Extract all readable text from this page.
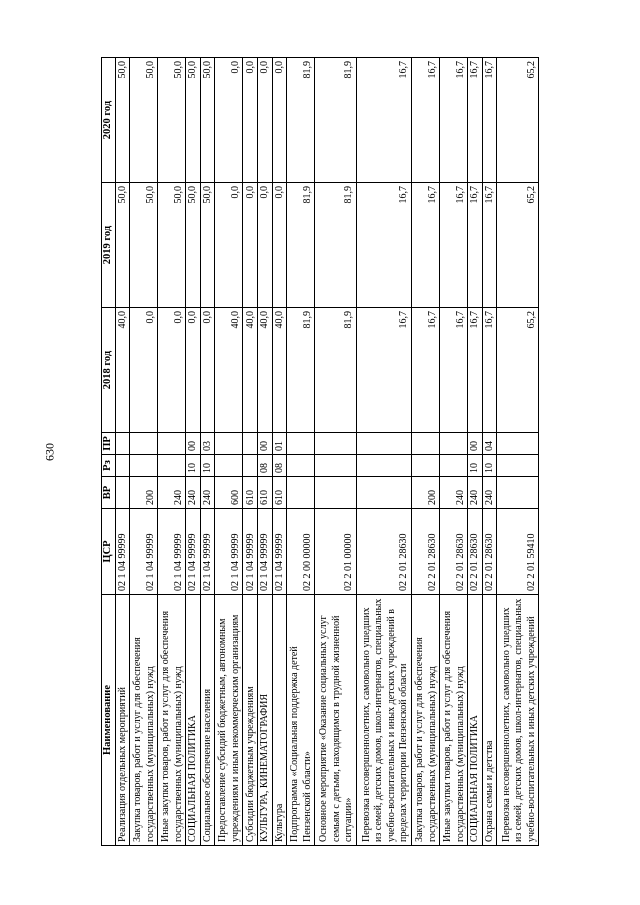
630
Наименование	ЦСР	ВР	Рз	ПР	2018 год	2019 год	2020 год
Реализация отдельных мероприятий	02 1 04 99999				40,0	50,0	50,0
Закупка товаров, работ и услуг для обеспечения государственных (муниципальных) нужд	02 1 04 99999	200			0,0	50,0	50,0
Иные закупки товаров, работ и услуг для обеспечения государственных (муниципальных) нужд	02 1 04 99999	240			0,0	50,0	50,0
СОЦИАЛЬНАЯ ПОЛИТИКА	02 1 04 99999	240	10	00	0,0	50,0	50,0
Социальное обеспечение населения	02 1 04 99999	240	10	03	0,0	50,0	50,0
Предоставление субсидий бюджетным, автономным учреждениям и иным некоммерческим организациям	02 1 04 99999	600			40,0	0,0	0,0
Субсидии бюджетным учреждениям	02 1 04 99999	610			40,0	0,0	0,0
КУЛЬТУРА, КИНЕМАТОГРАФИЯ	02 1 04 99999	610	08	00	40,0	0,0	0,0
Культура	02 1 04 99999	610	08	01	40,0	0,0	0,0
Подпрограмма «Социальная поддержка детей Пензенской области»	02 2 00 00000				81,9	81,9	81,9
Основное мероприятие «Оказание социальных услуг семьям с детьми, находящимся в трудной жизненной ситуации»	02 2 01 00000				81,9	81,9	81,9
Перевозка несовершеннолетних, самовольно ушедших из семей, детских домов, школ-интернатов, специальных учебно-воспитательных и иных детских учреждений в пределах территории Пензенской области	02 2 01 28630				16,7	16,7	16,7
Закупка товаров, работ и услуг для обеспечения государственных (муниципальных) нужд	02 2 01 28630	200			16,7	16,7	16,7
Иные закупки товаров, работ и услуг для обеспечения государственных (муниципальных) нужд	02 2 01 28630	240			16,7	16,7	16,7
СОЦИАЛЬНАЯ ПОЛИТИКА	02 2 01 28630	240	10	00	16,7	16,7	16,7
Охрана семьи и детства	02 2 01 28630	240	10	04	16,7	16,7	16,7
Перевозка несовершеннолетних, самовольно ушедших из семей, детских домов, школ-интернатов, специальных учебно-воспитательных и иных детских учреждений	02 2 01 59410				65,2	65,2	65,2
